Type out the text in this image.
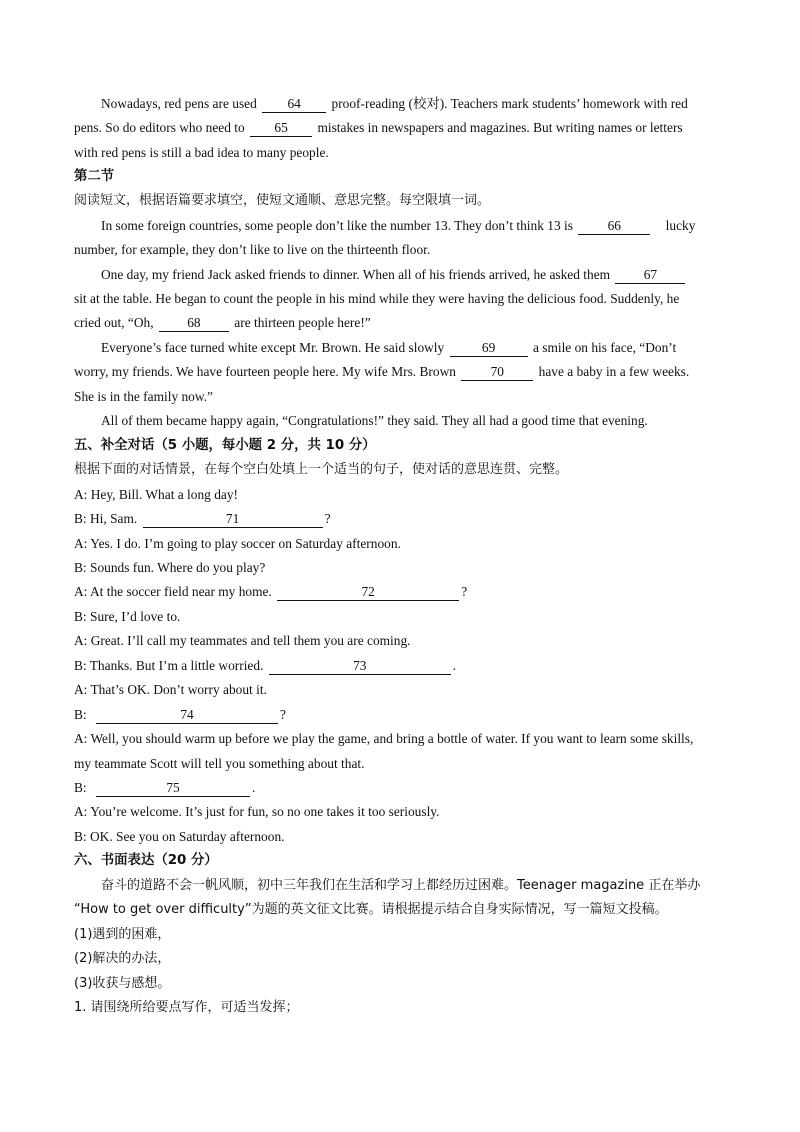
Nowadays, red pens are used 64 proof-reading (校对). Teachers mark students’ homework with red
pens. So do editors who need to 65 mistakes in newspapers and magazines. But writing names or letters
with red pens is still a bad idea to many people.
第二节
阅读短文，根据语篇要求填空，使短文通顺、意思完整。每空限填一词。
In some foreign countries, some people don’t like the number 13. They don’t think 13 is	66	lucky
number, for example, they don’t like to live on the thirteenth floor.
One day, my friend Jack asked friends to dinner. When all of his friends arrived, he asked them	67
sit at the table. He began to count the people in his mind while they were having the delicious food. Suddenly, he
cried out, “Oh,	68	are thirteen people here!”
Everyone’s face turned white except Mr. Brown. He said slowly	69	a smile on his face, “Don’t
worry, my friends. We have fourteen people here. My wife Mrs. Brown	70	have a baby in a few weeks.
She is in the family now.”
All of them became happy again, “Congratulations!” they said. They all had a good time that evening.
五、补全对话（5 小题，每小题 2 分，共 10 分）
根据下面的对话情景，在每个空白处填上一个适当的句子，使对话的意思连贯、完整。
A: Hey, Bill. What a long day!
B: Hi, Sam.	71	?
A: Yes. I do. I’m going to play soccer on Saturday afternoon.
B: Sounds fun. Where do you play?
A: At the soccer field near my home.	72	?
B: Sure, I’d love to.
A: Great. I’ll call my teammates and tell them you are coming.
B: Thanks. But I’m a little worried.	73	.
A: That’s OK. Don’t worry about it.
B:	74	?
A: Well, you should warm up before we play the game, and bring a bottle of water. If you want to learn some skills,
my teammate Scott will tell you something about that.
B:	75	.
A: You’re welcome. It’s just for fun, so no one takes it too seriously.
B: OK. See you on Saturday afternoon.
六、书面表达（20 分）
奋斗的道路不会一帆风顺，初中三年我们在生活和学习上都经历过困难。Teenager magazine 正在举办
“How to get over difficulty”为题的英文征文比赛。请根据提示结合自身实际情况，写一篇短文投稿。
(1)遇到的困难，
(2)解决的办法，
(3)收获与感想。
1. 请围绕所给要点写作，可适当发挥；
